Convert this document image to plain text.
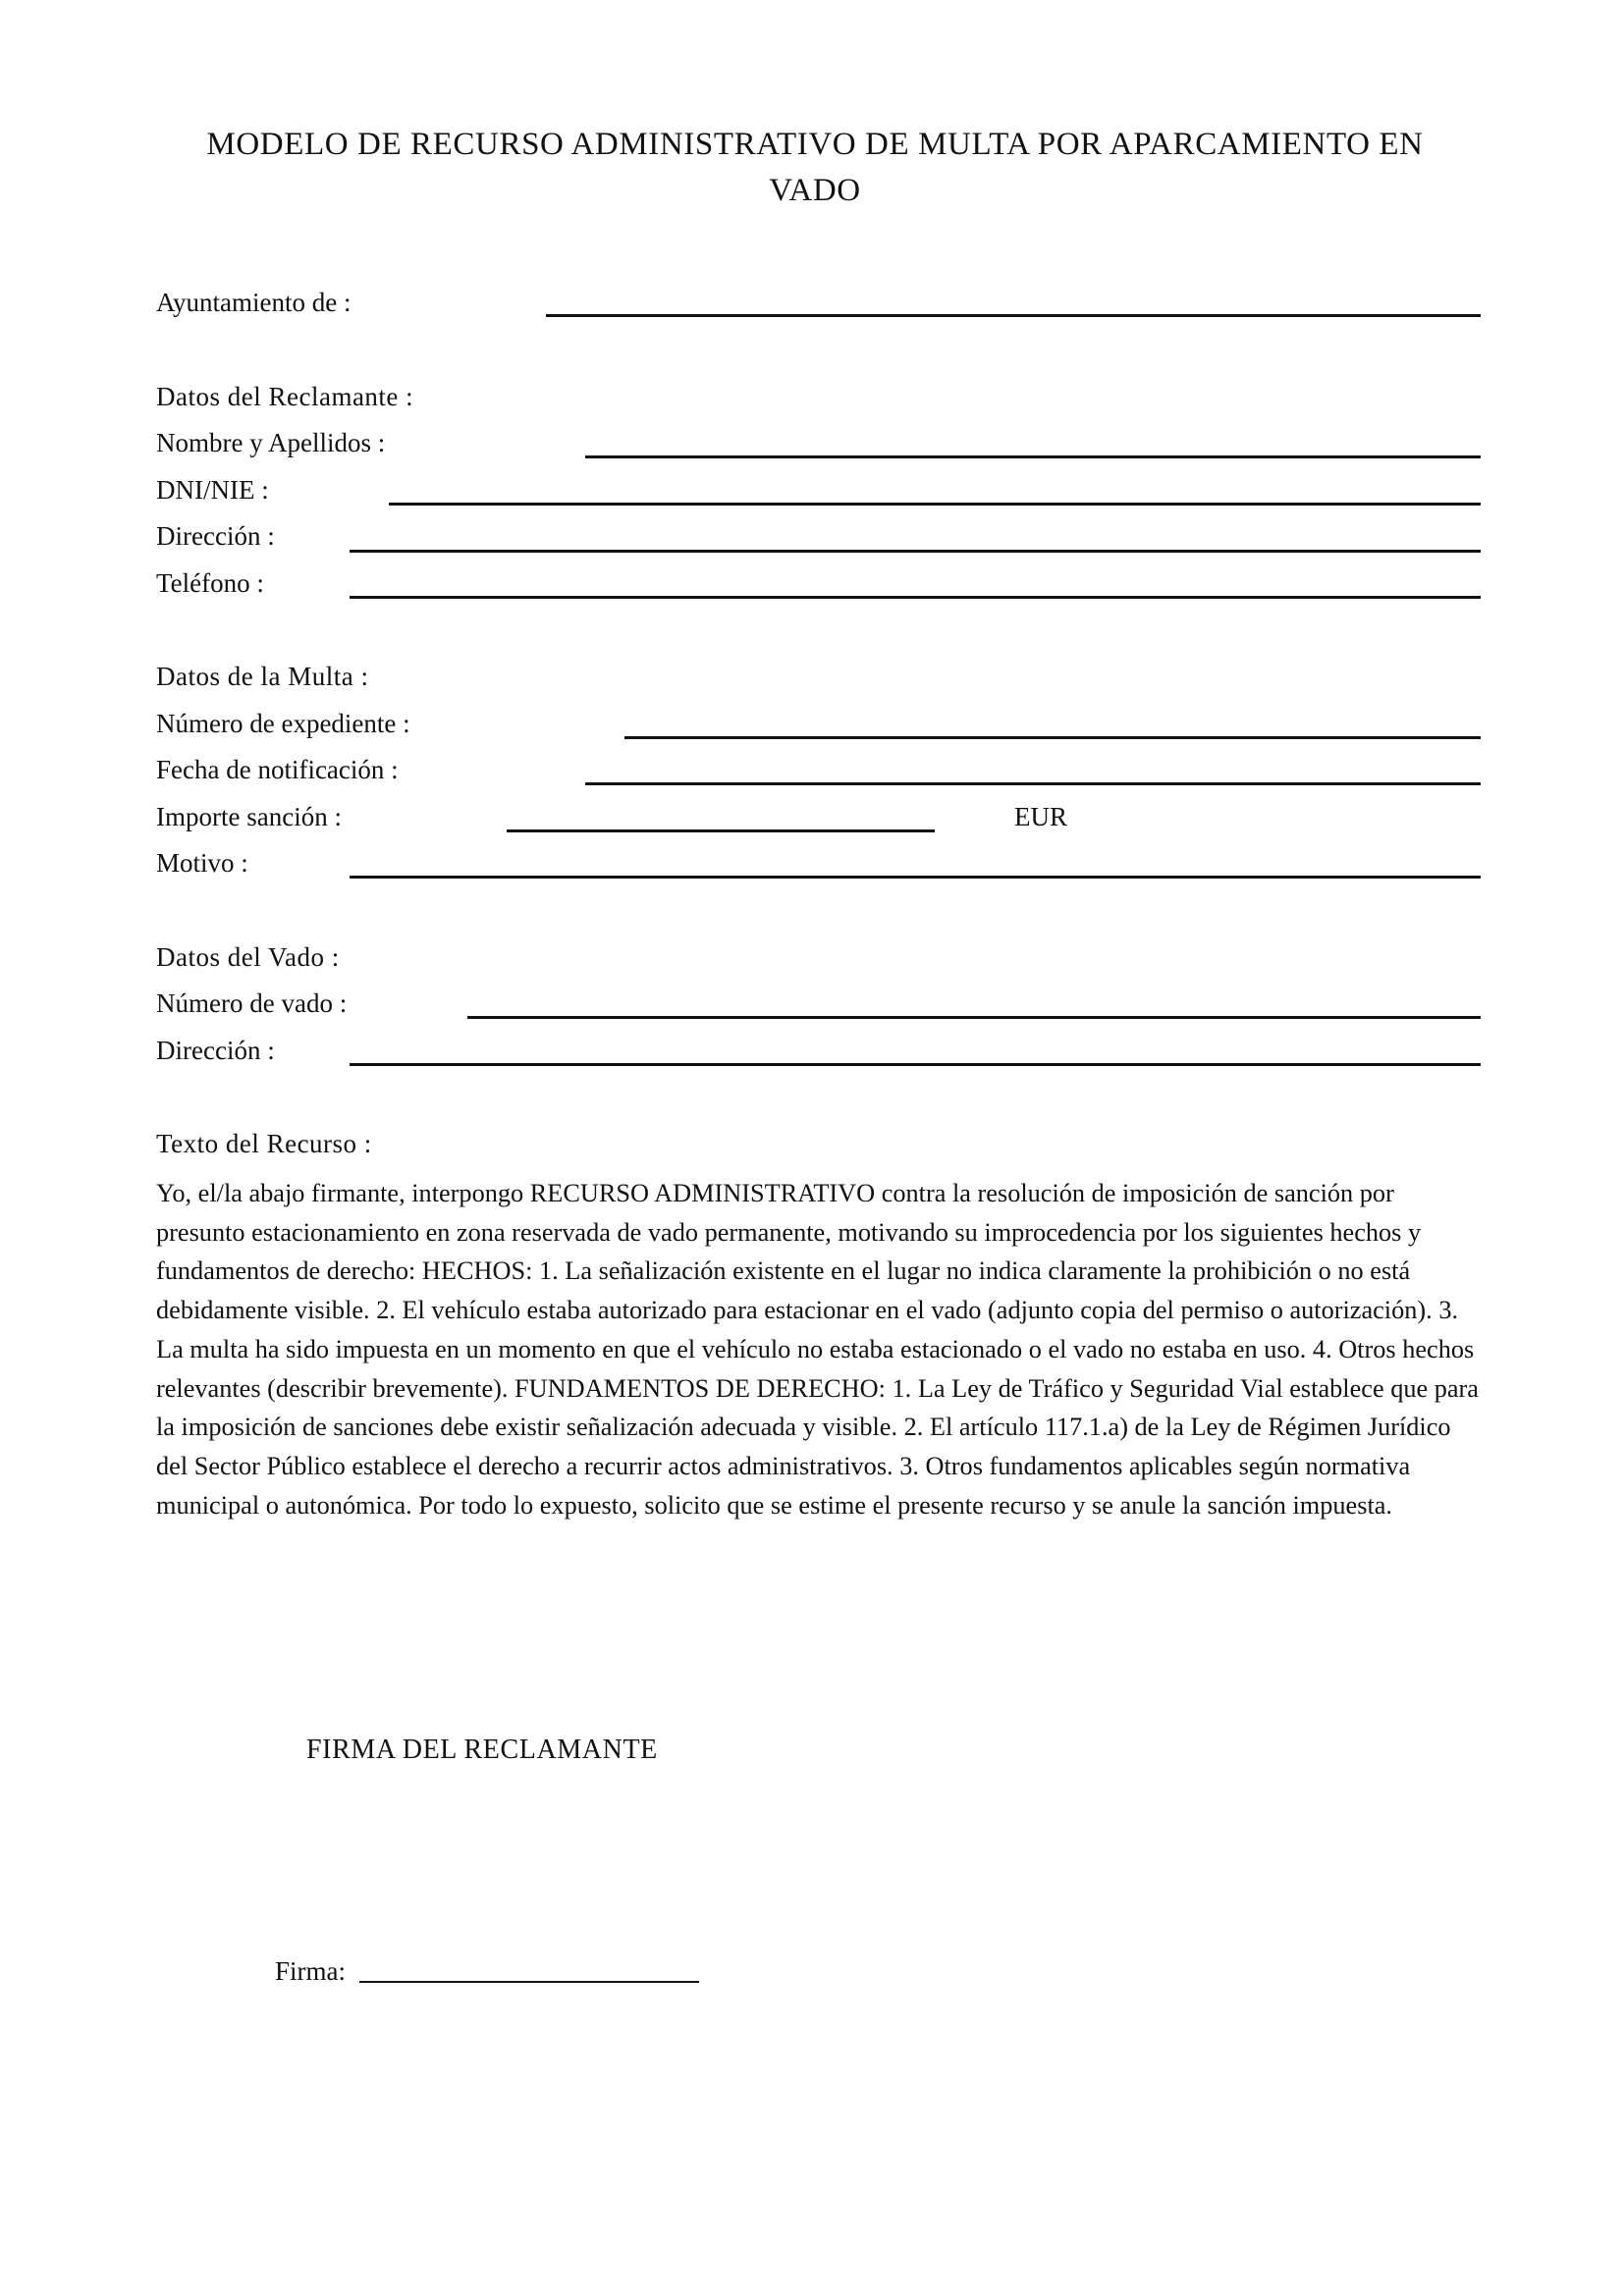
MODELO DE RECURSO ADMINISTRATIVO DE MULTA POR APARCAMIENTO EN VADO
Ayuntamiento de :
Datos del Reclamante :
Nombre y Apellidos :
DNI/NIE :
Dirección :
Teléfono :
Datos de la Multa :
Número de expediente :
Fecha de notificación :
Importe sanción :	EUR
Motivo :
Datos del Vado :
Número de vado :
Dirección :
Texto del Recurso :

Yo, el/la abajo firmante, interpongo RECURSO ADMINISTRATIVO contra la resolución de imposición de sanción por presunto estacionamiento en zona reservada de vado permanente, motivando su improcedencia por los siguientes hechos y fundamentos de derecho: HECHOS: 1. La señalización existente en el lugar no indica claramente la prohibición o no está debidamente visible. 2. El vehículo estaba autorizado para estacionar en el vado (adjunto copia del permiso o autorización). 3. La multa ha sido impuesta en un momento en que el vehículo no estaba estacionado o el vado no estaba en uso. 4. Otros hechos relevantes (describir brevemente). FUNDAMENTOS DE DERECHO: 1. La Ley de Tráfico y Seguridad Vial establece que para la imposición de sanciones debe existir señalización adecuada y visible. 2. El artículo 117.1.a) de la Ley de Régimen Jurídico del Sector Público establece el derecho a recurrir actos administrativos. 3. Otros fundamentos aplicables según normativa municipal o autonómica. Por todo lo expuesto, solicito que se estime el presente recurso y se anule la sanción impuesta.

FIRMA DEL RECLAMANTE
Firma:
